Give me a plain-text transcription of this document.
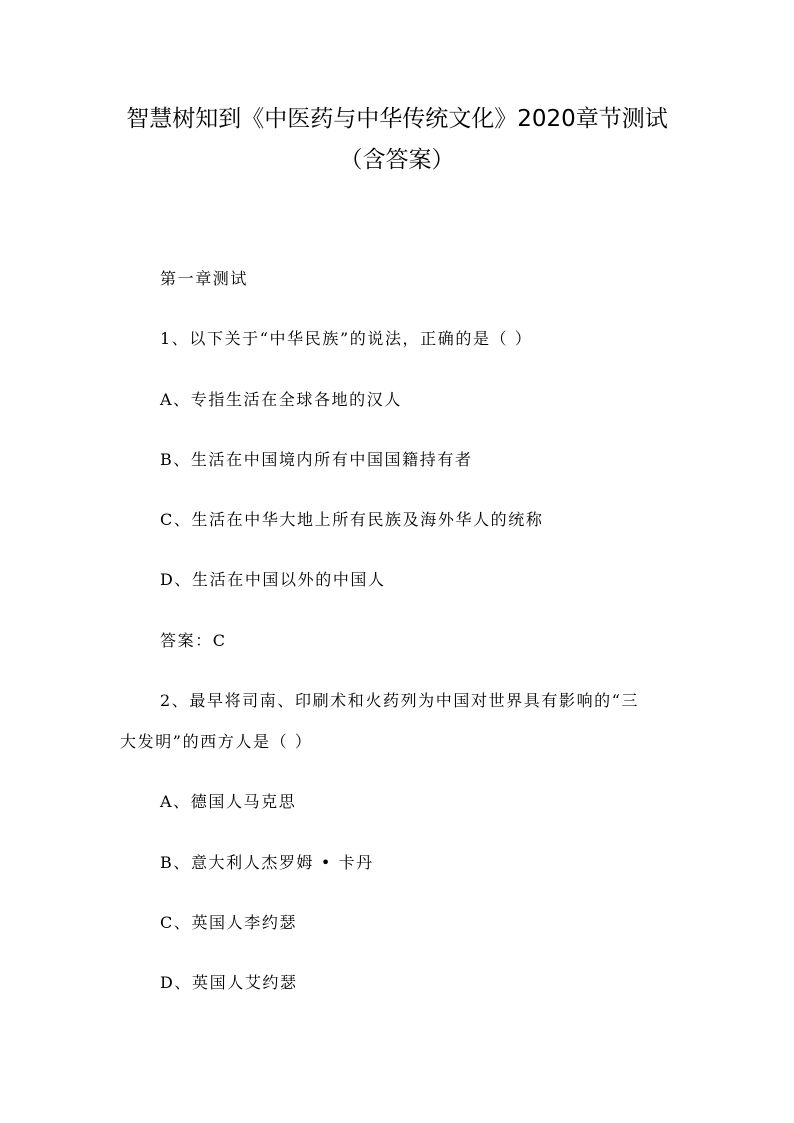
智慧树知到《中医药与中华传统文化》2020章节测试
（含答案）
第一章测试
1、以下关于“中华民族”的说法，正确的是（ ）
A、专指生活在全球各地的汉人
B、生活在中国境内所有中国国籍持有者
C、生活在中华大地上所有民族及海外华人的统称
D、生活在中国以外的中国人
答案：C
2、最早将司南、印刷术和火药列为中国对世界具有影响的“三
大发明”的西方人是（ ）
A、德国人马克思
B、意大利人杰罗姆 • 卡丹
C、英国人李约瑟
D、英国人艾约瑟
